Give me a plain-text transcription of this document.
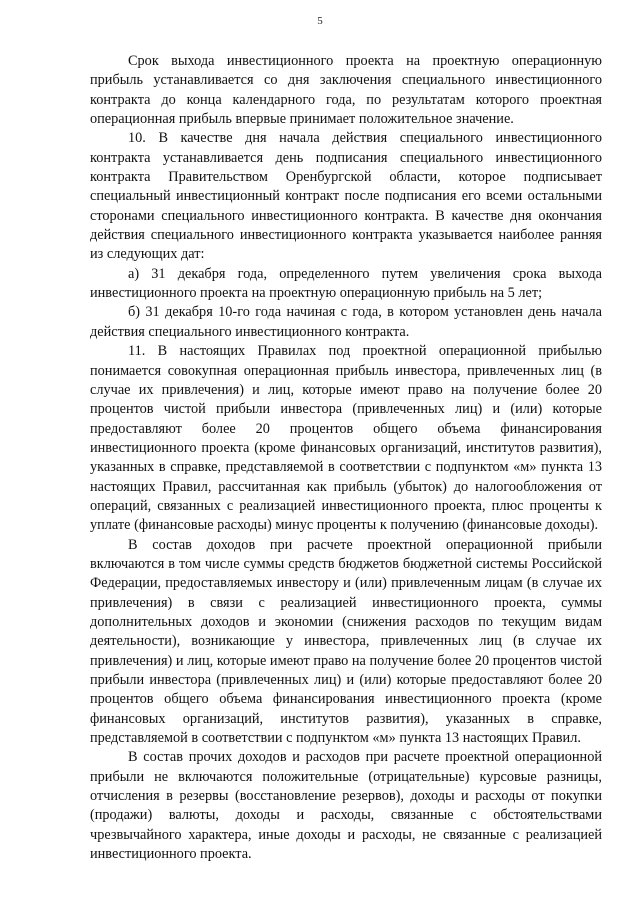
5

Срок выхода инвестиционного проекта на проектную операционную прибыль устанавливается со дня заключения специального инвестиционного контракта до конца календарного года, по результатам которого проектная операционная прибыль впервые принимает положительное значение.

10. В качестве дня начала действия специального инвестиционного контракта устанавливается день подписания специального инвестиционного контракта Правительством Оренбургской области, которое подписывает специальный инвестиционный контракт после подписания его всеми остальными сторонами специального инвестиционного контракта. В качестве дня окончания действия специального инвестиционного контракта указывается наиболее ранняя из следующих дат:

а) 31 декабря года, определенного путем увеличения срока выхода инвестиционного проекта на проектную операционную прибыль на 5 лет;

б) 31 декабря 10-го года начиная с года, в котором установлен день начала действия специального инвестиционного контракта.

11. В настоящих Правилах под проектной операционной прибылью понимается совокупная операционная прибыль инвестора, привлеченных лиц (в случае их привлечения) и лиц, которые имеют право на получение более 20 процентов чистой прибыли инвестора (привлеченных лиц) и (или) которые предоставляют более 20 процентов общего объема финансирования инвестиционного проекта (кроме финансовых организаций, институтов развития), указанных в справке, представляемой в соответствии с подпунктом «м» пункта 13 настоящих Правил, рассчитанная как прибыль (убыток) до налогообложения от операций, связанных с реализацией инвестиционного проекта, плюс проценты к уплате (финансовые расходы) минус проценты к получению (финансовые доходы).

В состав доходов при расчете проектной операционной прибыли включаются в том числе суммы средств бюджетов бюджетной системы Российской Федерации, предоставляемых инвестору и (или) привлеченным лицам (в случае их привлечения) в связи с реализацией инвестиционного проекта, суммы дополнительных доходов и экономии (снижения расходов по текущим видам деятельности), возникающие у инвестора, привлеченных лиц (в случае их привлечения) и лиц, которые имеют право на получение более 20 процентов чистой прибыли инвестора (привлеченных лиц) и (или) которые предоставляют более 20 процентов общего объема финансирования инвестиционного проекта (кроме финансовых организаций, институтов развития), указанных в справке, представляемой в соответствии с подпунктом «м» пункта 13 настоящих Правил.

В состав прочих доходов и расходов при расчете проектной операционной прибыли не включаются положительные (отрицательные) курсовые разницы, отчисления в резервы (восстановление резервов), доходы и расходы от покупки (продажи) валюты, доходы и расходы, связанные с обстоятельствами чрезвычайного характера, иные доходы и расходы, не связанные с реализацией инвестиционного проекта.
